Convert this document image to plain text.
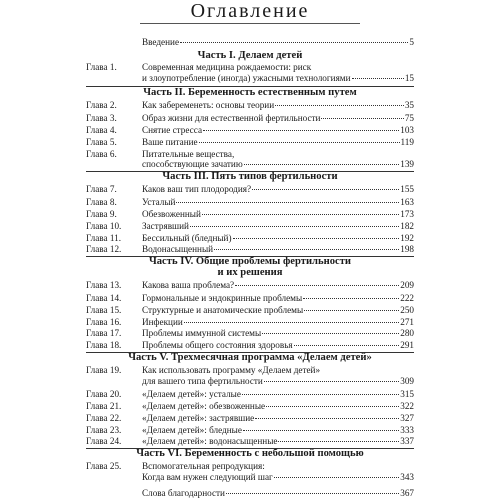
Оглавление
Введение	5
Часть I. Делаем детей
Глава 1.	Современная медицина рождаемости: риск
и злоупотребление (иногда) ужасными технологиями	15
Часть II. Беременность естественным путем
Глава 2.	Как забеременеть: основы теории	35
Глава 3.	Образ жизни для естественной фертильности	75
Глава 4.	Снятие стресса	103
Глава 5.	Ваше питание	119
Глава 6.	Питательные вещества,
способствующие зачатию	139
Часть III. Пять типов фертильности
Глава 7.	Каков ваш тип плодородия?	155
Глава 8.	Усталый	163
Глава 9.	Обезвоженный	173
Глава 10. Застрявший	182
Глава 11. Бессильный (бледный)	192
Глава 12. Водонасыщенный	198
Часть IV. Общие проблемы фертильности
и их решения
Глава 13. Какова ваша проблема?	209
Глава 14. Гормональные и эндокринные проблемы	222
Глава 15. Структурные и анатомические проблемы	250
Глава 16. Инфекции	271
Глава 17. Проблемы иммунной системы	280
Глава 18. Проблемы общего состояния здоровья	291
Часть V. Трехмесячная программа «Делаем детей»
Глава 19. Как использовать программу «Делаем детей»
для вашего типа фертильности	309
Глава 20. «Делаем детей»: усталые	315
Глава 21. «Делаем детей»: обезвоженные	322
Глава 22. «Делаем детей»: застрявшие	327
Глава 23. «Делаем детей»: бледные	333
Глава 24. «Делаем детей»: водонасыщенные	337
Часть VI. Беременность с небольшой помощью
Глава 25. Вспомогательная репродукция:
Когда вам нужен следующий шаг	343
Слова благодарности	367
